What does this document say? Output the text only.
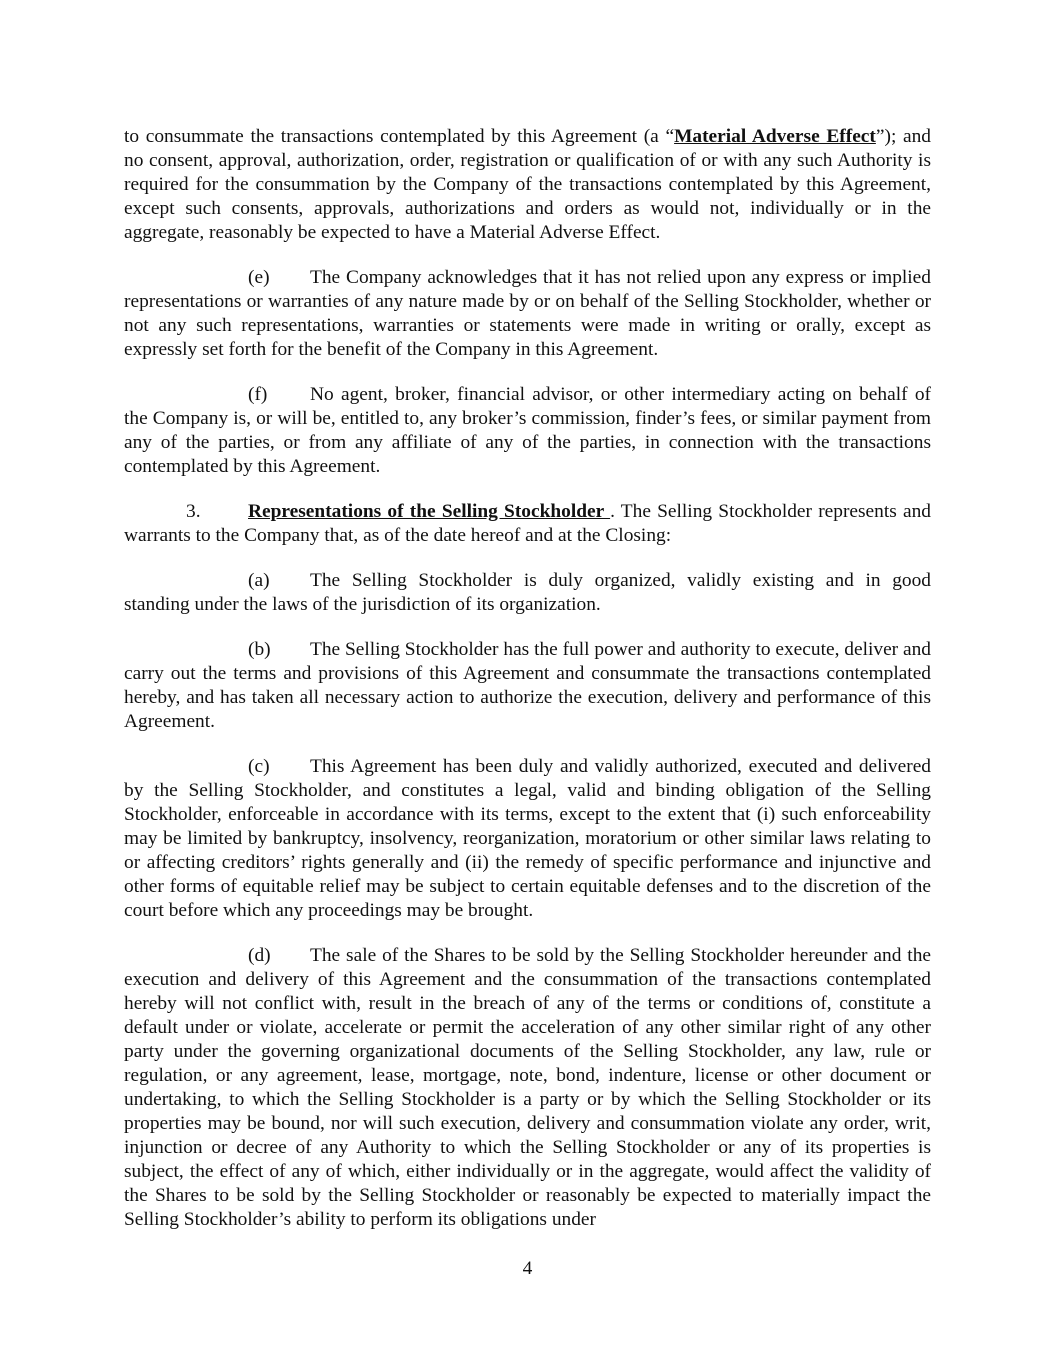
to consummate the transactions contemplated by this Agreement (a “Material Adverse Effect”); and no consent, approval, authorization, order, registration or qualification of or with any such Authority is required for the consummation by the Company of the transactions contemplated by this Agreement, except such consents, approvals, authorizations and orders as would not, individually or in the aggregate, reasonably be expected to have a Material Adverse Effect.

(e) The Company acknowledges that it has not relied upon any express or implied representations or warranties of any nature made by or on behalf of the Selling Stockholder, whether or not any such representations, warranties or statements were made in writing or orally, except as expressly set forth for the benefit of the Company in this Agreement.

(f) No agent, broker, financial advisor, or other intermediary acting on behalf of the Company is, or will be, entitled to, any broker’s commission, finder’s fees, or similar payment from any of the parties, or from any affiliate of any of the parties, in connection with the transactions contemplated by this Agreement.

3. Representations of the Selling Stockholder . The Selling Stockholder represents and warrants to the Company that, as of the date hereof and at the Closing:

(a) The Selling Stockholder is duly organized, validly existing and in good standing under the laws of the jurisdiction of its organization.

(b) The Selling Stockholder has the full power and authority to execute, deliver and carry out the terms and provisions of this Agreement and consummate the transactions contemplated hereby, and has taken all necessary action to authorize the execution, delivery and performance of this Agreement.

(c) This Agreement has been duly and validly authorized, executed and delivered by the Selling Stockholder, and constitutes a legal, valid and binding obligation of the Selling Stockholder, enforceable in accordance with its terms, except to the extent that (i) such enforceability may be limited by bankruptcy, insolvency, reorganization, moratorium or other similar laws relating to or affecting creditors’ rights generally and (ii) the remedy of specific performance and injunctive and other forms of equitable relief may be subject to certain equitable defenses and to the discretion of the court before which any proceedings may be brought.

(d) The sale of the Shares to be sold by the Selling Stockholder hereunder and the execution and delivery of this Agreement and the consummation of the transactions contemplated hereby will not conflict with, result in the breach of any of the terms or conditions of, constitute a default under or violate, accelerate or permit the acceleration of any other similar right of any other party under the governing organizational documents of the Selling Stockholder, any law, rule or regulation, or any agreement, lease, mortgage, note, bond, indenture, license or other document or undertaking, to which the Selling Stockholder is a party or by which the Selling Stockholder or its properties may be bound, nor will such execution, delivery and consummation violate any order, writ, injunction or decree of any Authority to which the Selling Stockholder or any of its properties is subject, the effect of any of which, either individually or in the aggregate, would affect the validity of the Shares to be sold by the Selling Stockholder or reasonably be expected to materially impact the Selling Stockholder’s ability to perform its obligations under

4
